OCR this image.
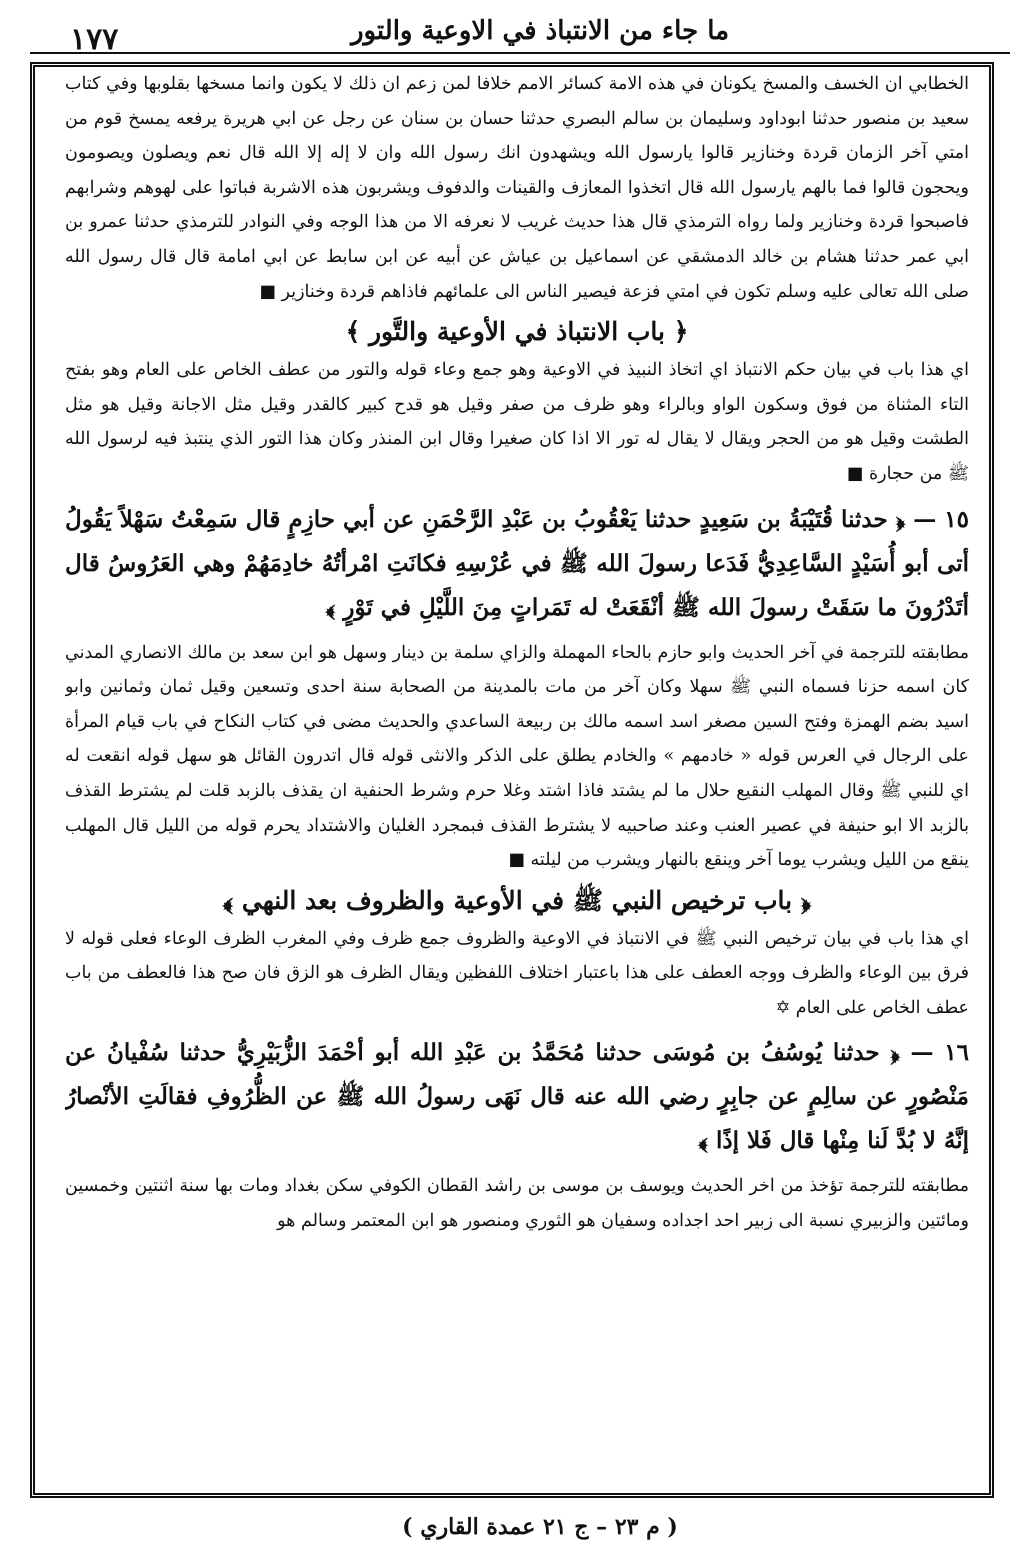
١٧٧	ما جاء من الانتباذ في الاوعية والتور

الخطابي ان الخسف والمسخ يكونان في هذه الامة كسائر الامم خلافا لمن زعم ان ذلك لا يكون وانما مسخها بقلوبها وفي كتاب سعيد بن منصور حدثنا ابوداود وسليمان بن سالم البصري حدثنا حسان بن سنان عن رجل عن ابي هريرة يرفعه يمسخ قوم من امتي آخر الزمان قردة وخنازير قالوا يارسول الله ويشهدون انك رسول الله وان لا إله إلا الله قال نعم ويصلون ويصومون ويحجون قالوا فما بالهم يارسول الله قال اتخذوا المعازف والقينات والدفوف ويشربون هذه الاشربة فباتوا على لهوهم وشرابهم فاصبحوا قردة وخنازير ولما رواه الترمذي قال هذا حديث غريب لا نعرفه الا من هذا الوجه وفي النوادر للترمذي حدثنا عمرو بن ابي عمر حدثنا هشام بن خالد الدمشقي عن اسماعيل بن عياش عن أبيه عن ابن سابط عن ابي امامة قال قال رسول الله صلى الله تعالى عليه وسلم تكون في امتي فزعة فيصير الناس الى علمائهم فاذاهم قردة وخنازير ■

﴿ باب الانتباذ في الأوعية والتَّور ﴾

اي هذا باب في بيان حكم الانتباذ اي اتخاذ النبيذ في الاوعية وهو جمع وعاء قوله والتور من عطف الخاص على العام وهو بفتح التاء المثناة من فوق وسكون الواو وبالراء وهو ظرف من صفر وقيل هو قدح كبير كالقدر وقيل مثل الاجانة وقيل هو مثل الطشت وقيل هو من الحجر ويقال لا يقال له تور الا اذا كان صغيرا وقال ابن المنذر وكان هذا التور الذي ينتبذ فيه لرسول الله ﷺ من حجارة ■

١٥ — ﴿ حدثنا قُتَيْبَةُ بن سَعِيدٍ حدثنا يَعْقُوبُ بن عَبْدِ الرَّحْمَنِ عن أبي حازِمٍ قال سَمِعْتُ سَهْلاً يَقُولُ أتى أبو أُسَيْدٍ السَّاعِدِيُّ فَدَعا رسولَ الله ﷺ في عُرْسِهِ فكانَتِ امْرأتُهُ خادِمَهُمْ وهي العَرُوسُ قال أتَدْرُونَ ما سَقَتْ رسولَ الله ﷺ أنْقَعَتْ له تَمَراتٍ مِنَ اللَّيْلِ في تَوْرٍ ﴾

مطابقته للترجمة في آخر الحديث وابو حازم بالحاء المهملة والزاي سلمة بن دينار وسهل هو ابن سعد بن مالك الانصاري المدني كان اسمه حزنا فسماه النبي ﷺ سهلا وكان آخر من مات بالمدينة من الصحابة سنة احدى وتسعين وقيل ثمان وثمانين وابو اسيد بضم الهمزة وفتح السين مصغر اسد اسمه مالك بن ربيعة الساعدي والحديث مضى في كتاب النكاح في باب قيام المرأة على الرجال في العرس قوله « خادمهم » والخادم يطلق على الذكر والانثى قوله قال اتدرون القائل هو سهل قوله انقعت له اي للنبي ﷺ وقال المهلب النقيع حلال ما لم يشتد فاذا اشتد وغلا حرم وشرط الحنفية ان يقذف بالزبد قلت لم يشترط القذف بالزبد الا ابو حنيفة في عصير العنب وعند صاحبيه لا يشترط القذف فبمجرد الغليان والاشتداد يحرم قوله من الليل قال المهلب ينقع من الليل ويشرب يوما آخر وينقع بالنهار ويشرب من ليلته ■

﴿ باب ترخيص النبي ﷺ في الأوعية والظروف بعد النهي ﴾

اي هذا باب في بيان ترخيص النبي ﷺ في الانتباذ في الاوعية والظروف جمع ظرف وفي المغرب الظرف الوعاء فعلى قوله لا فرق بين الوعاء والظرف ووجه العطف على هذا باعتبار اختلاف اللفظين ويقال الظرف هو الزق فان صح هذا فالعطف من باب عطف الخاص على العام ✡

١٦ — ﴿ حدثنا يُوسُفُ بن مُوسَى حدثنا مُحَمَّدُ بن عَبْدِ الله أبو أحْمَدَ الزُّبَيْرِيُّ حدثنا سُفْيانُ عن مَنْصُورٍ عن سالِمٍ عن جابِرٍ رضي الله عنه قال نَهَى رسولُ الله ﷺ عن الظُّرُوفِ فقالَتِ الأنْصارُ إنَّهُ لا بُدَّ لَنا مِنْها قال فَلا إذًا ﴾

مطابقته للترجمة تؤخذ من اخر الحديث ويوسف بن موسى بن راشد القطان الكوفي سكن بغداد ومات بها سنة اثنتين وخمسين ومائتين والزبيري نسبة الى زبير احد اجداده وسفيان هو الثوري ومنصور هو ابن المعتمر وسالم هو

( م ٢٣ – ج ٢١ عمدة القاري )
